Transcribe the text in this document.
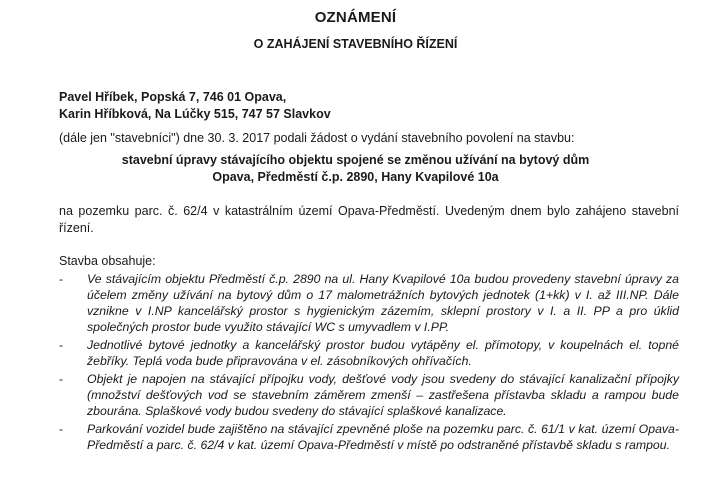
OZNÁMENÍ
O ZAHÁJENÍ STAVEBNÍHO ŘÍZENÍ
Pavel Hříbek, Popská 7, 746 01 Opava,
Karin Hříbková, Na Lúčky 515, 747 57 Slavkov
(dále jen "stavebníci") dne 30. 3. 2017 podali žádost o vydání stavebního povolení na stavbu:
stavební úpravy stávajícího objektu spojené se změnou užívání na bytový dům
Opava, Předměstí č.p. 2890, Hany Kvapilové 10a
na pozemku parc. č. 62/4 v katastrálním území Opava-Předměstí. Uvedeným dnem bylo zahájeno stavební řízení.
Stavba obsahuje:
- Ve stávajícím objektu Předměstí č.p. 2890 na ul. Hany Kvapilové 10a budou provedeny stavební úpravy za účelem změny užívání na bytový dům o 17 malometrážních bytových jednotek (1+kk) v I. až III.NP. Dále vznikne v I.NP kancelářský prostor s hygienickým zázemím, sklepní prostory v I. a II. PP a pro úklid společných prostor bude využito stávající WC s umyvadlem v I.PP.
- Jednotlivé bytové jednotky a kancelářský prostor budou vytápěny el. přímotopy, v koupelnách el. topné žebříky. Teplá voda bude připravována v el. zásobníkových ohřívačích.
- Objekt je napojen na stávající přípojku vody, dešťové vody jsou svedeny do stávající kanalizační přípojky (množství dešťových vod se stavebním záměrem zmenší – zastřešena přístavba skladu a rampou bude zbourána. Splaškové vody budou svedeny do stávající splaškové kanalizace.
- Parkování vozidel bude zajištěno na stávající zpevněné ploše na pozemku parc. č. 61/1 v kat. území Opava-Předměstí a parc. č. 62/4 v kat. území Opava-Předměstí v místě po odstraněné přístavbě skladu s rampou.
